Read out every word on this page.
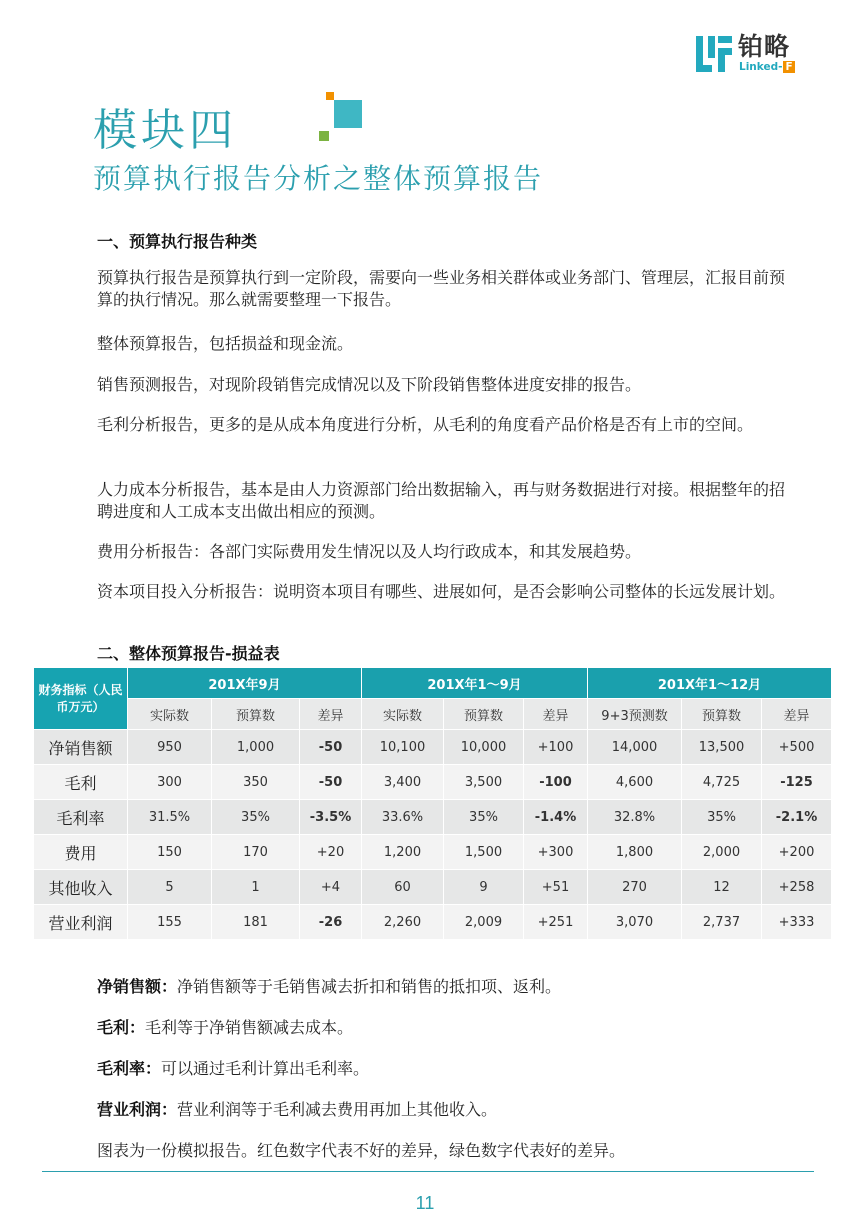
铂略
Linked- F
模块四
预算执行报告分析之整体预算报告
一、预算执行报告种类
预算执行报告是预算执行到一定阶段，需要向一些业务相关群体或业务部门、管理层，汇报目前预算的执行情况。那么就需要整理一下报告。
整体预算报告，包括损益和现金流。
销售预测报告，对现阶段销售完成情况以及下阶段销售整体进度安排的报告。
毛利分析报告，更多的是从成本角度进行分析，从毛利的角度看产品价格是否有上市的空间。
人力成本分析报告，基本是由人力资源部门给出数据输入，再与财务数据进行对接。根据整年的招聘进度和人工成本支出做出相应的预测。
费用分析报告：各部门实际费用发生情况以及人均行政成本，和其发展趋势。
资本项目投入分析报告：说明资本项目有哪些、进展如何，是否会影响公司整体的长远发展计划。
二、整体预算报告-损益表
财务指标（人民币万元）	201X年9月			201X年1～9月			201X年1～12月		
	实际数	预算数	差异	实际数	预算数	差异	9+3预测数	预算数	差异
净销售额	950	1,000	-50	10,100	10,000	+100	14,000	13,500	+500
毛利	300	350	-50	3,400	3,500	-100	4,600	4,725	-125
毛利率	31.5%	35%	-3.5%	33.6%	35%	-1.4%	32.8%	35%	-2.1%
费用	150	170	+20	1,200	1,500	+300	1,800	2,000	+200
其他收入	5	1	+4	60	9	+51	270	12	+258
营业利润	155	181	-26	2,260	2,009	+251	3,070	2,737	+333
净销售额：净销售额等于毛销售减去折扣和销售的抵扣项、返利。
毛利：毛利等于净销售额减去成本。
毛利率：可以通过毛利计算出毛利率。
营业利润：营业利润等于毛利减去费用再加上其他收入。
图表为一份模拟报告。红色数字代表不好的差异，绿色数字代表好的差异。
11
